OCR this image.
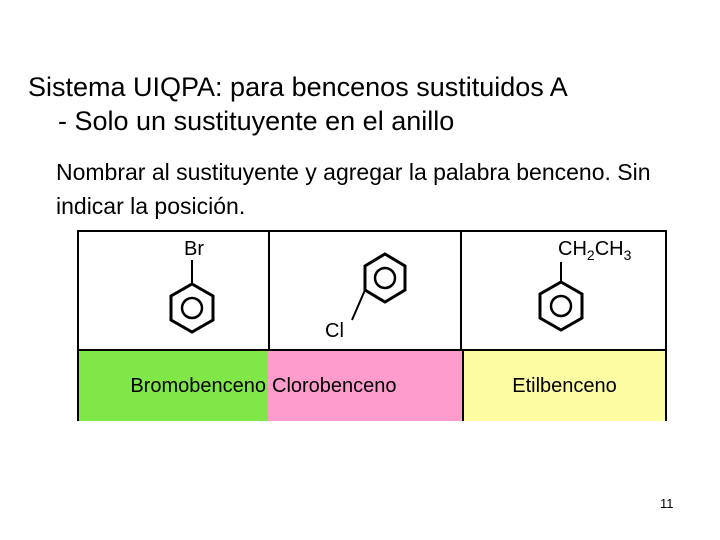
Sistema UIQPA: para bencenos sustituidos A
- Solo un sustituyente en el anillo
Nombrar al sustituyente y agregar la palabra benceno. Sin indicar la posición.
Br
Cl
$CH_2CH_3$
Bromobenceno Clorobenceno	Etilbenceno
11
